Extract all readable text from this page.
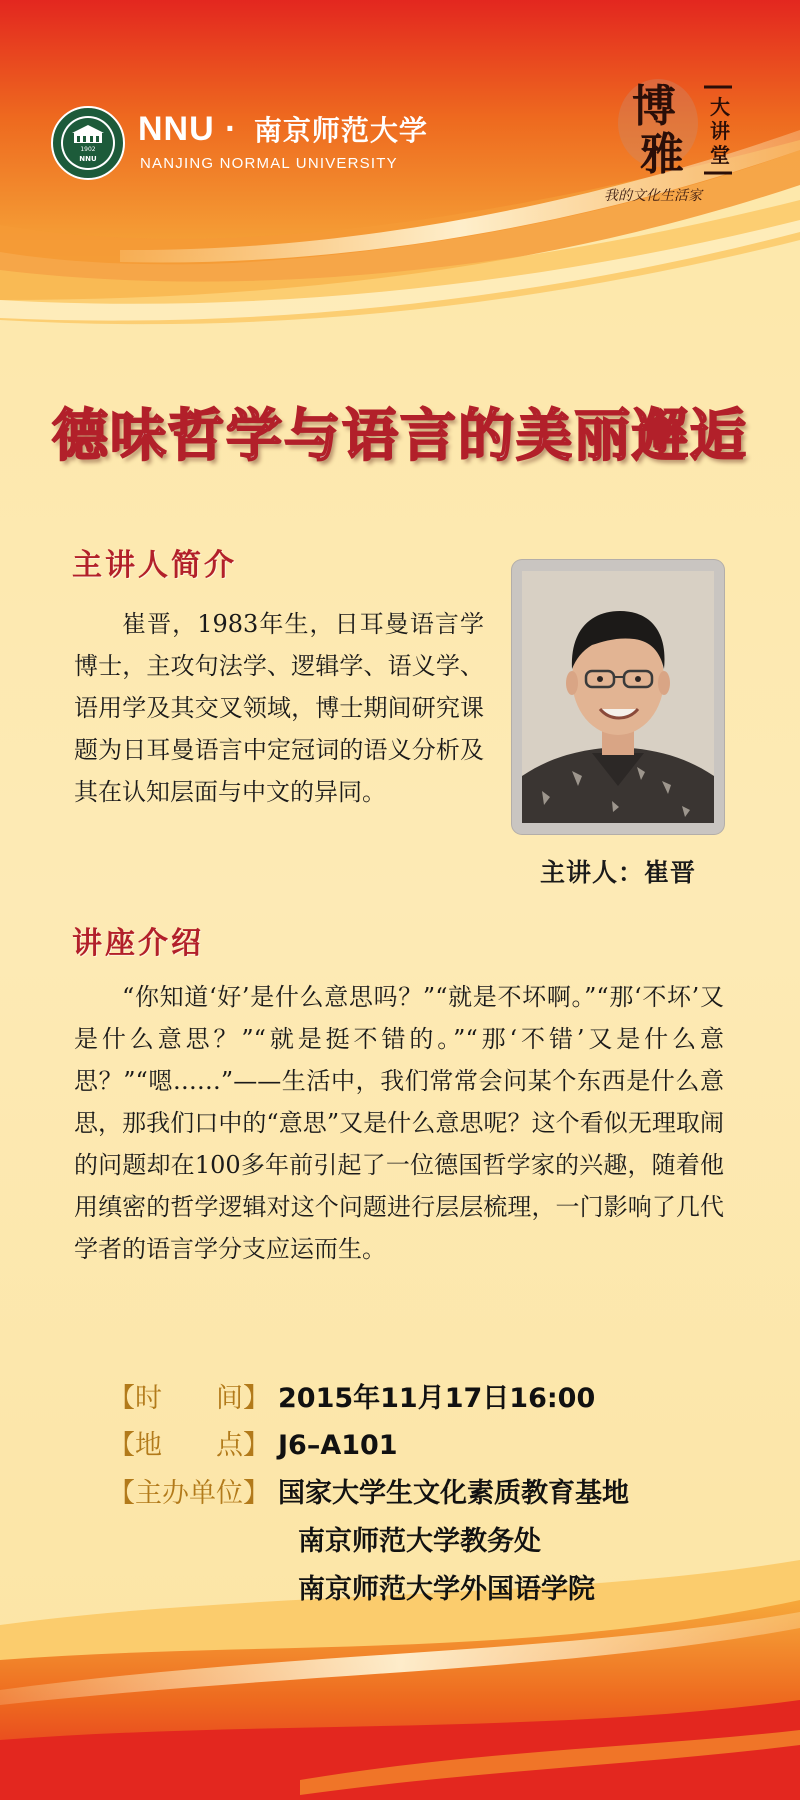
1902
NNU
NNU · 南京师范大学
NANJING NORMAL UNIVERSITY
博
雅
大讲堂
我的文化生活家
德味哲学与语言的美丽邂逅
主讲人简介
崔晋，1983年生，日耳曼语言学博士，主攻句法学、逻辑学、语义学、语用学及其交叉领域，博士期间研究课题为日耳曼语言中定冠词的语义分析及其在认知层面与中文的异同。
主讲人：崔晋
讲座介绍
“你知道‘好’是什么意思吗？”“就是不坏啊。”“那‘不坏’又是什么意思？”“就是挺不错的。”“那‘不错’又是什么意思？”“嗯……”——生活中，我们常常会问某个东西是什么意思，那我们口中的“意思”又是什么意思呢？这个看似无理取闹的问题却在100多年前引起了一位德国哲学家的兴趣，随着他用缜密的哲学逻辑对这个问题进行层层梳理，一门影响了几代学者的语言学分支应运而生。
【时　　间】 2015年11月17日16:00
【地　　点】 J6–A101
【主办单位】 国家大学生文化素质教育基地
南京师范大学教务处
南京师范大学外国语学院
